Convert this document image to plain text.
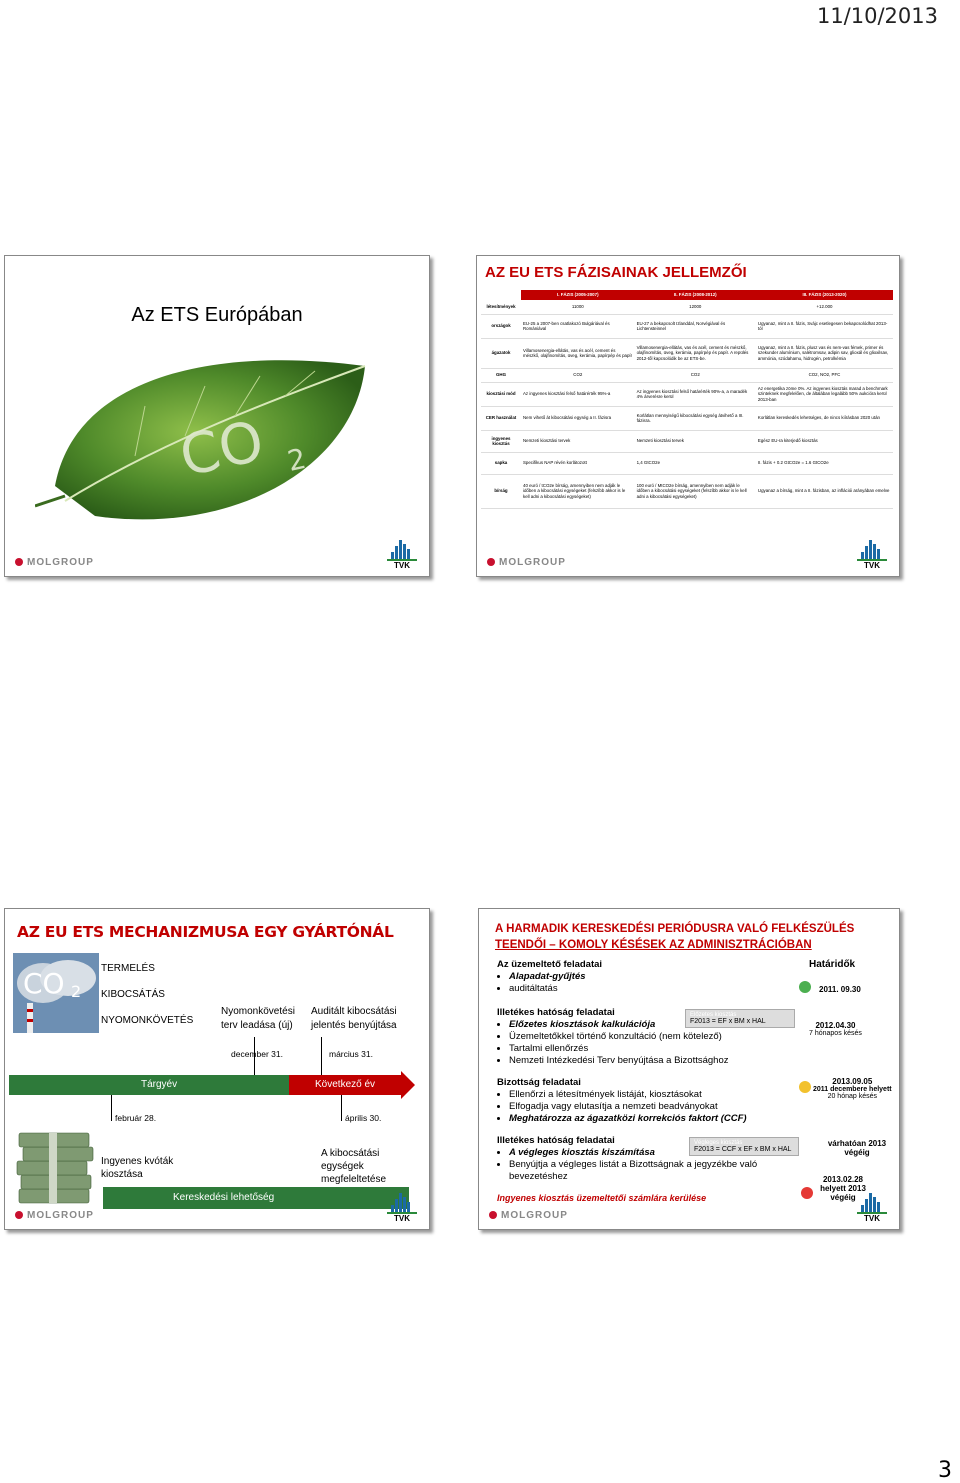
11/10/2013
Az ETS Európában
CO 2
MOLGROUP	TVK
AZ EU ETS FÁZISAINAK JELLEMZŐI
	I. FÁZIS (2005-2007)	II. FÁZIS (2008-2012)	III. FÁZIS (2013-2020)
létesítmények	11000	12000	+12.000
országok	EU-25 a 2007-ben csatlakozó Bulgáriával és Romániával	EU-27 a bekapcsolt Izlanddal, Norvégiával és Lichtensteinnel	Ugyanaz, mint a II. fázis, Svájc esetlegesen bekapcsolódhat 2013-tól
ágazatok	Villamosenergia-ellátás, vas és acél, cement és mészkő, olajfinomítás, üveg, kerámia, papírpép és papír	Villamosenergia-ellátás, vas és acél, cement és mészkő, olajfinomítás, üveg, kerámia, papírpép és papír. A repülés 2012-től kapcsolódik be az ETS-be.	Ugyanaz, mint a II. fázis, plusz vas és nem-vas fémek, primer és szekunder alumínium, salétromsav, adipin sav, glioxál és glioxilsav, ammónia, szódahamu, hidrogén, petrolkémia
GHG	CO2	CO2	CO2, NO2, PFC
kiosztási mód	Az ingyenes kiosztási felső határérték 95%-a	Az ingyenes kiosztási felső határérték 90%-a, a maradék 4% árverésre kerül	Az energetika zöme 0%. Az ingyenes kiosztás marad a benchmark szinteknek megfelelően, de általában legalább 50% aukcióra kerül 2013-ban
CER használat	Nem vihető át kibocsátási egység a II. fázisra	Korlátlan mennyiségű kibocsátási egység átvihető a III. fázisra.	Korlátlan kereskedés lehetséges, de nincs kiírásban 2020 után
ingyenes kiosztás	Nemzeti kiosztási tervek	Nemzeti kiosztási tervek	Egész EU-ra kiterjedő kiosztás
sapka	Specifikus NAP révén korlátozott	1,4 GtCO2e	II. fázis + 0.2 GtCO2e = 1.6 GtCO2e
bírság	40 euró / tCO2e bírság, amennyiben nem adják le időben a kibocsátási egységeket (felszíbb akkor is le kell adni a kibocsátási egységeket)	100 euró / MtCO2e bírság, amennyiben nem adják le időben a kibocsátási egységeket (felszíbb akkor is le kell adni a kibocsátási egységeket)	Ugyanaz a bírság, mint a II. fázisban, az inflációi arányában emelve
MOLGROUP	TVK
AZ EU ETS MECHANIZMUSA EGY GYÁRTÓNÁL
CO 2
TERMELÉS
KIBOCSÁTÁS
NYOMONKÖVETÉS
Nyomonkövetési terv leadása (új)
Auditált kibocsátási jelentés benyújtása
december 31.	március 31.
Tárgyév	Következő év
február 28.	április 30.
Ingyenes kvóták kiosztása
A kibocsátási egységek megfeleltetése
Kereskedési lehetőség
MOLGROUP	TVK
A HARMADIK KERESKEDÉSI PERIÓDUSRA VALÓ FELKÉSZÜLÉS
TEENDŐI – KOMOLY KÉSÉSEK AZ ADMINISZTRÁCIÓBAN
Határidők
Az üzemeltető feladatai
• Alapadat-gyűjtés
• auditáltatás	2011. 09.30
Illetékes hatóság feladatai
• Előzetes kiosztások kalkulációja
• Üzemeltetőkkel történő konzultáció (nem kötelező)
• Tartalmi ellenőrzés
• Nemzeti Intézkedési Terv benyújtása a Bizottsághoz
Előzetes kiosztás
F2013 = EF x BM x HAL	2012.04.30
7 hónapos késés
Bizottság feladatai
• Ellenőrzi a létesítmények listáját, kiosztásokat
• Elfogadja vagy elutasítja a nemzeti beadványokat
• Meghatározza az ágazatközi korrekciós faktort (CCF)
2013.09.05
2011 decembere helyett
20 hónap késés
Illetékes hatóság feladatai
• A végleges kiosztás kiszámítása
• Benyújtja a végleges listát a Bizottságnak a jegyzékbe való bevezetéshez
Végleges kiosztás
F2013 = CCF x EF x BM x HAL
várhatóan 2013 végéig
2013.02.28 helyett 2013 végéig
Ingyenes kiosztás üzemeltetői számlára kerülése
MOLGROUP	TVK
3
